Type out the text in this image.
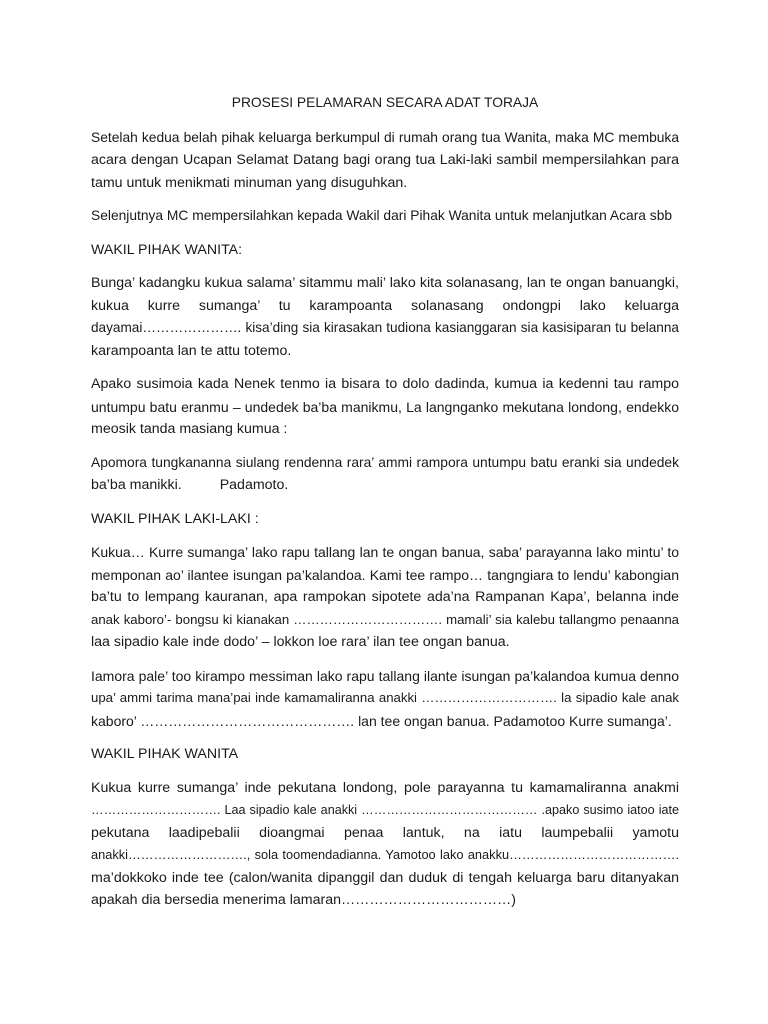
PROSESI PELAMARAN SECARA ADAT TORAJA
Setelah kedua belah pihak keluarga berkumpul di rumah orang tua Wanita, maka MC membuka
acara dengan Ucapan Selamat Datang bagi orang tua Laki-laki sambil mempersilahkan para
tamu untuk menikmati minuman yang disuguhkan.
Selenjutnya MC mempersilahkan kepada Wakil dari Pihak Wanita untuk melanjutkan Acara sbb
WAKIL PIHAK WANITA:
Bunga’ kadangku kukua salama’ sitammu mali’ lako kita solanasang, lan te ongan banuangki,
kukua kurre sumanga’ tu karampoanta solanasang ondongpi lako keluarga
dayamai…………………. kisa’ding sia kirasakan tudiona kasianggaran sia kasisiparan tu belanna
karampoanta lan te attu totemo.
Apako susimoia kada Nenek tenmo ia bisara to dolo dadinda, kumua ia kedenni tau rampo
untumpu batu eranmu – undedek ba’ba manikmu, La langnganko mekutana londong, endekko
meosik tanda masiang kumua :
Apomora tungkananna siulang rendenna rara’ ammi rampora untumpu batu eranki sia undedek
ba’ba manikki.	Padamoto.
WAKIL PIHAK LAKI-LAKI :
Kukua… Kurre sumanga’ lako rapu tallang lan te ongan banua, saba’ parayanna lako mintu’ to
memponan ao’ ilantee isungan pa’kalandoa. Kami tee rampo… tangngiara to lendu’ kabongian
ba’tu to lempang kauranan, apa rampokan sipotete ada’na Rampanan Kapa’, belanna inde
anak kaboro’- bongsu ki kianakan ……………………………. mamali’ sia kalebu tallangmo penaanna
laa sipadio kale inde dodo’ – lokkon loe rara’ ilan tee ongan banua.
Iamora pale’ too kirampo messiman lako rapu tallang ilante isungan pa’kalandoa kumua denno
upa’ ammi tarima mana’pai inde kamamaliranna anakki …………………………. la sipadio kale anak
kaboro’ ………………………………………. lan tee ongan banua. Padamotoo Kurre sumanga’.
WAKIL PIHAK WANITA
Kukua kurre sumanga’ inde pekutana londong, pole parayanna tu kamamaliranna anakmi
…………………………. Laa sipadio kale anakki …………………………………… .apako susimo iatoo iate
pekutana laadipebalii dioangmai penaa lantuk, na iatu laumpebalii yamotu
anakki………………………., sola toomendadianna. Yamotoo lako anakku………………………………….
ma’dokkoko inde tee (calon/wanita dipanggil dan duduk di tengah keluarga baru ditanyakan
apakah dia bersedia menerima lamaran………………………………)
